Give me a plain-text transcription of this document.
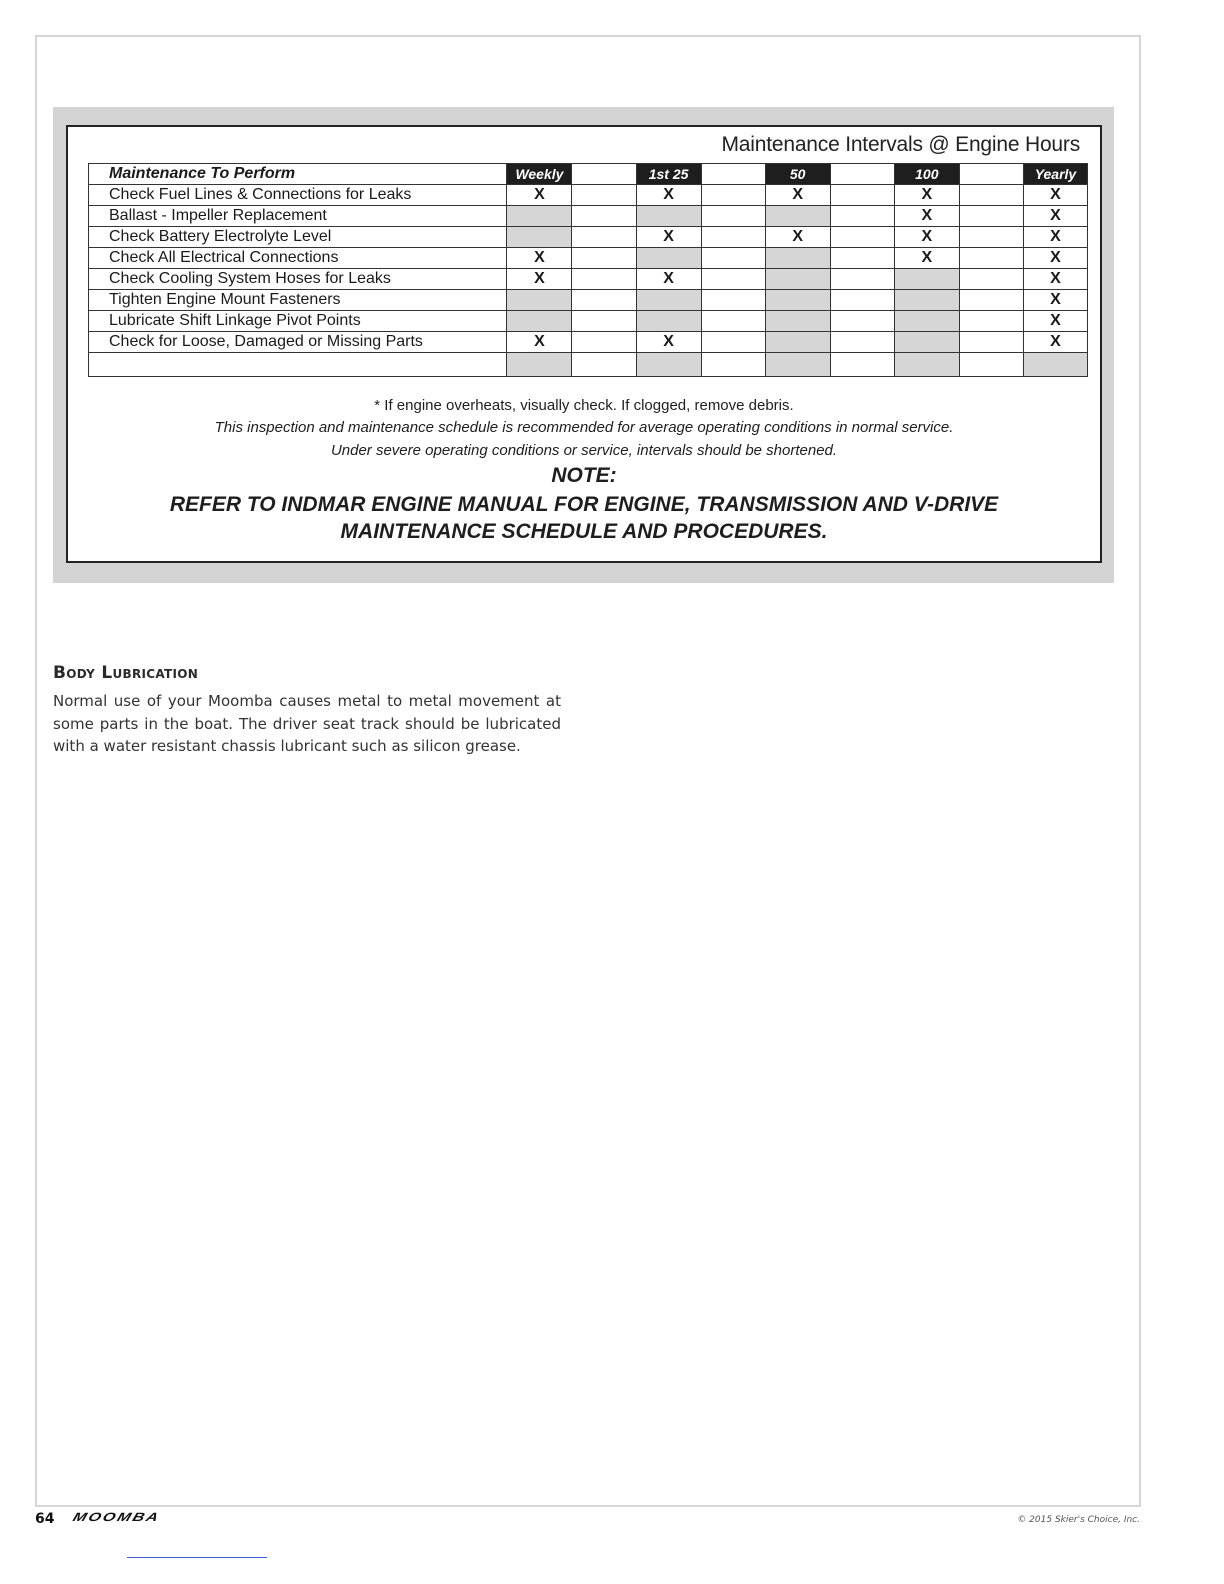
Maintenance Intervals @ Engine Hours
Maintenance To Perform	Weekly		1st 25		50		100		Yearly
Check Fuel Lines & Connections for Leaks	X		X		X		X		X
Ballast - Impeller Replacement							X		X
Check Battery Electrolyte Level			X		X		X		X
Check All Electrical Connections	X						X		X
Check Cooling System Hoses for Leaks	X		X						X
Tighten Engine Mount Fasteners									X
Lubricate Shift Linkage Pivot Points									X
Check for Loose, Damaged or Missing Parts	X		X						X

* If engine overheats, visually check. If clogged, remove debris.
This inspection and maintenance schedule is recommended for average operating conditions in normal service.
Under severe operating conditions or service, intervals should be shortened.
NOTE:
REFER TO INDMAR ENGINE MANUAL FOR ENGINE, TRANSMISSION AND V-DRIVE MAINTENANCE SCHEDULE AND PROCEDURES.
Body Lubrication
Normal use of your Moomba causes metal to metal movement at some parts in the boat. The driver seat track should be lubricated with a water resistant chassis lubricant such as silicon grease.
64 MOOMBA	© 2015 Skier's Choice, Inc.
